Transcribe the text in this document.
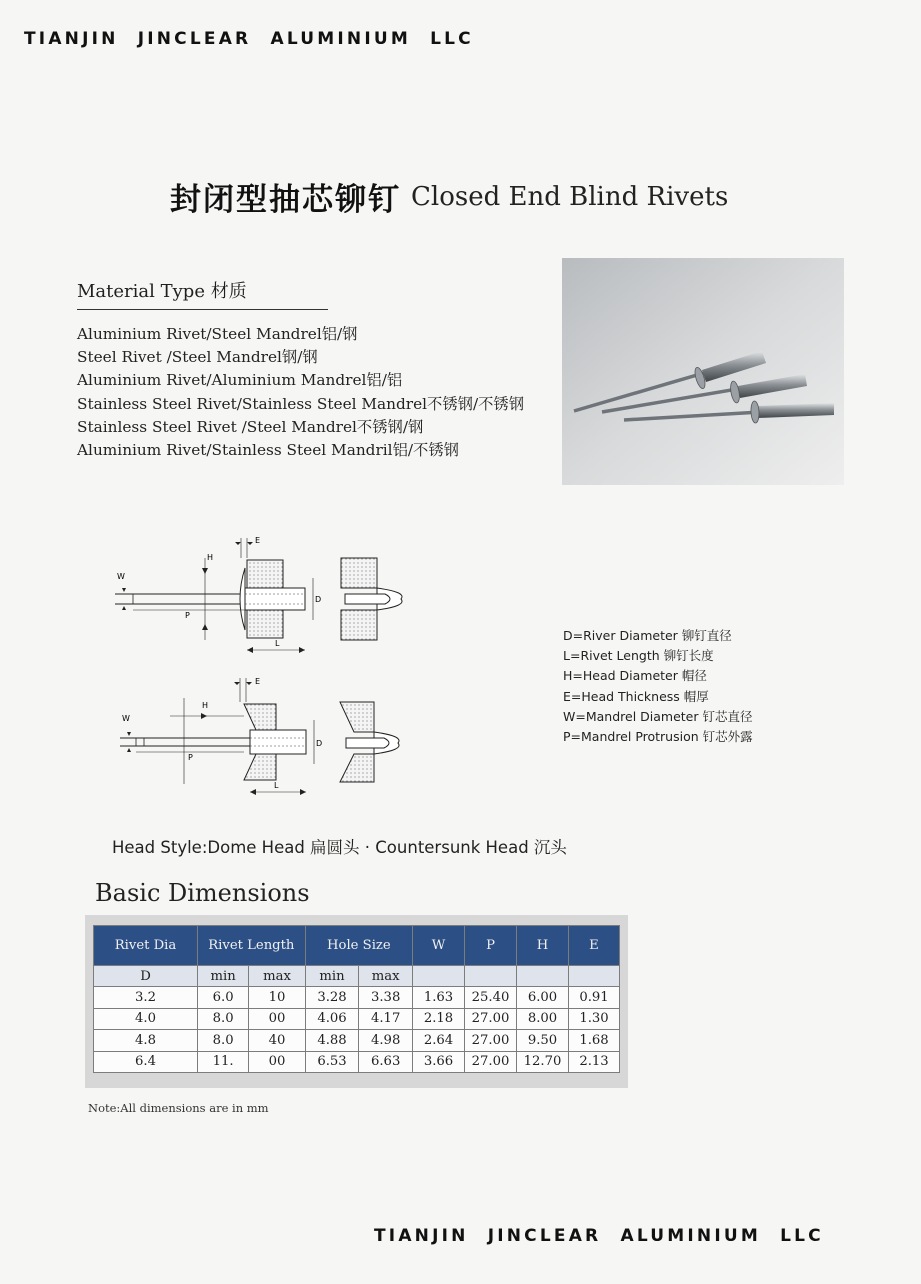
TIANJIN JINCLEAR ALUMINIUM LLC
封闭型抽芯铆钉 Closed End Blind Rivets
Material Type 材质
Aluminium Rivet/Steel Mandrel铝/钢
Steel Rivet /Steel Mandrel钢/钢
Aluminium Rivet/Aluminium Mandrel铝/铝
Stainless Steel Rivet/Stainless Steel Mandrel不锈钢/不锈钢
Stainless Steel Rivet /Steel Mandrel不锈钢/钢
Aluminium Rivet/Stainless Steel Mandril铝/不锈钢
H
E
W
P
L
D
H
E
W
P
L
D
D=River Diameter 铆钉直径
L=Rivet Length 铆钉长度
H=Head Diameter 帽径
E=Head Thickness 帽厚
W=Mandrel Diameter 钉芯直径
P=Mandrel Protrusion 钉芯外露
Head Style:Dome Head 扁圆头 · Countersunk Head 沉头
Basic Dimensions
Rivet Dia	Rivet Length		Hole Size		W	P	H	E
D	min	max	min	max				
3.2	6.0	10	3.28	3.38	1.63	25.40	6.00	0.91
4.0	8.0	00	4.06	4.17	2.18	27.00	8.00	1.30
4.8	8.0	40	4.88	4.98	2.64	27.00	9.50	1.68
6.4	11.	00	6.53	6.63	3.66	27.00	12.70	2.13
Note:All dimensions are in mm
TIANJIN JINCLEAR ALUMINIUM LLC
